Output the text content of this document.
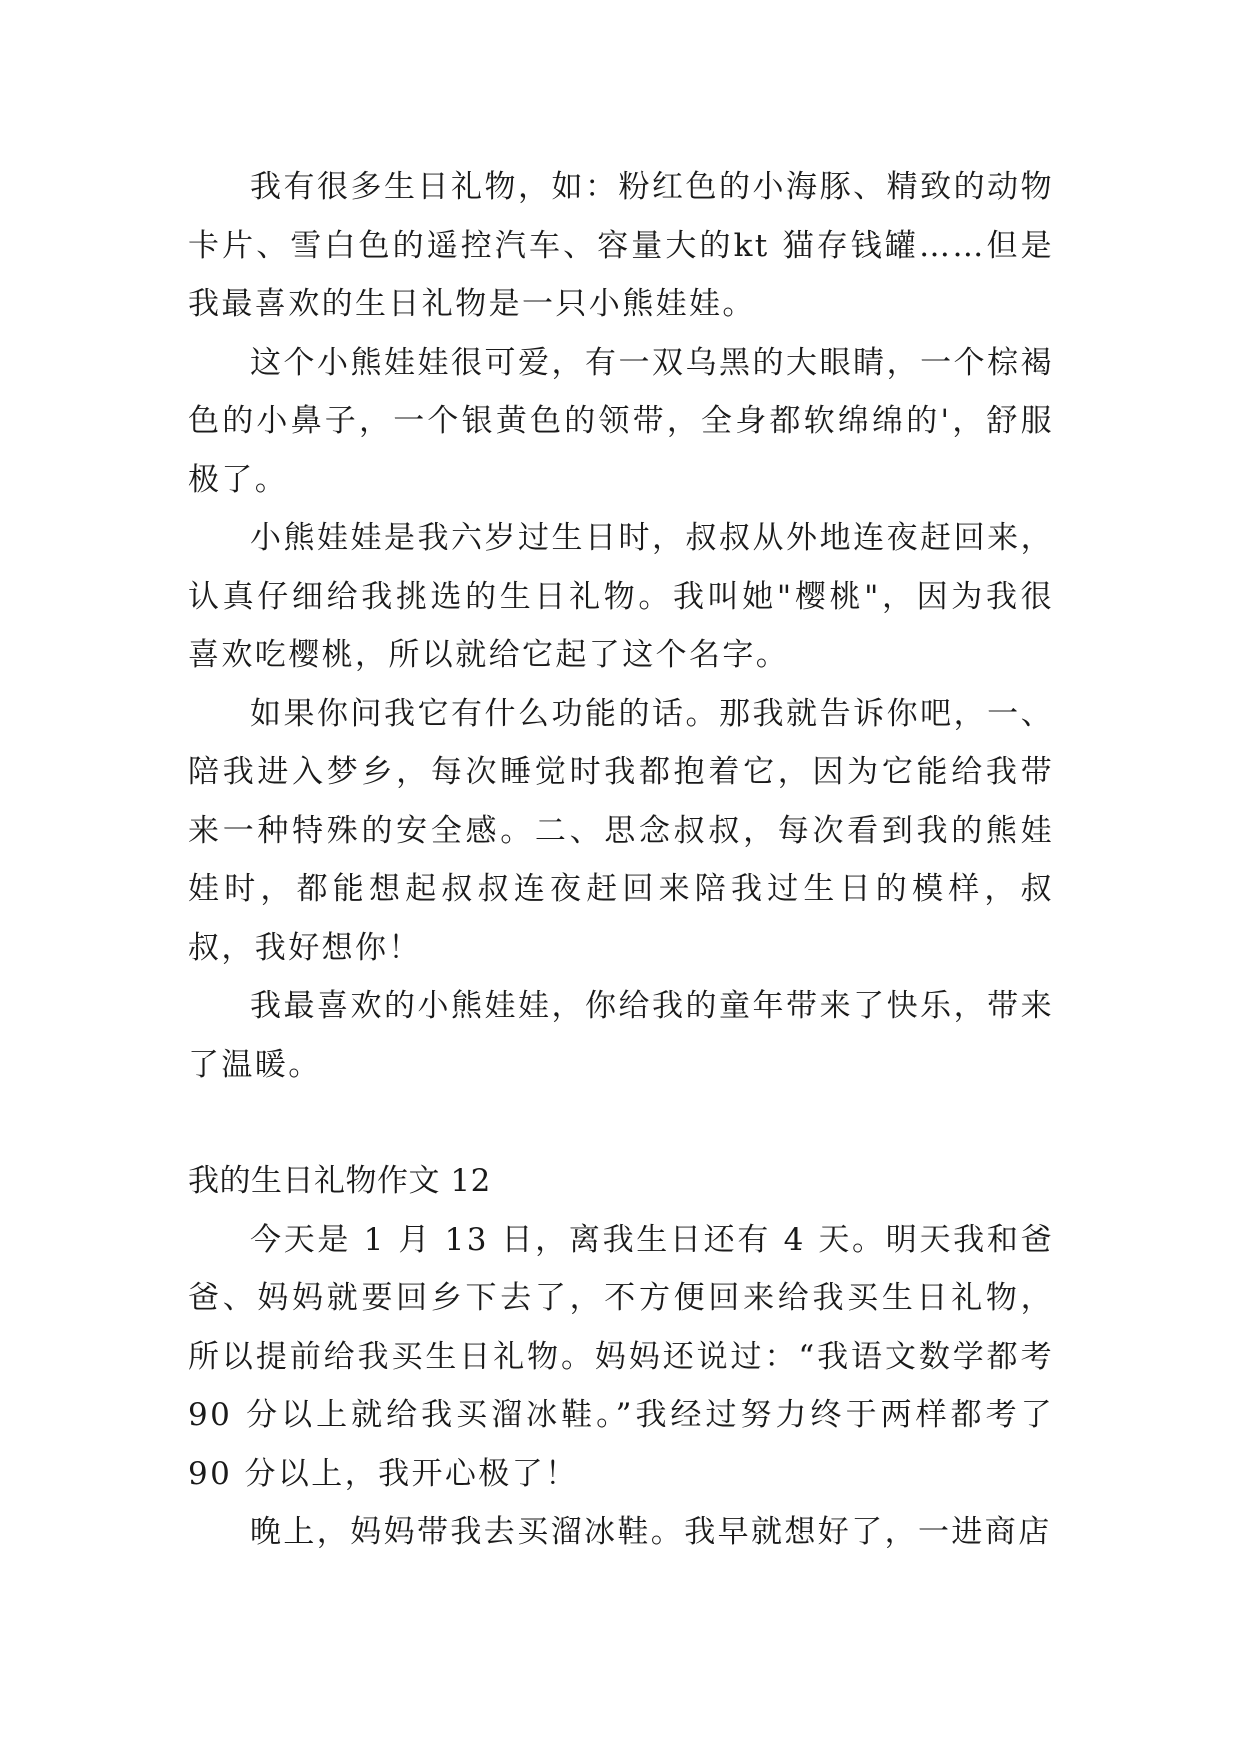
我有很多生日礼物，如：粉红色的小海豚、精致的动物卡片、雪白色的遥控汽车、容量大的kt 猫存钱罐……但是我最喜欢的生日礼物是一只小熊娃娃。

这个小熊娃娃很可爱，有一双乌黑的大眼睛，一个棕褐色的小鼻子，一个银黄色的领带，全身都软绵绵的'，舒服极了。

小熊娃娃是我六岁过生日时，叔叔从外地连夜赶回来，认真仔细给我挑选的生日礼物。我叫她"樱桃"，因为我很喜欢吃樱桃，所以就给它起了这个名字。

如果你问我它有什么功能的话。那我就告诉你吧，一、陪我进入梦乡，每次睡觉时我都抱着它，因为它能给我带来一种特殊的安全感。二、思念叔叔，每次看到我的熊娃娃时，都能想起叔叔连夜赶回来陪我过生日的模样，叔叔，我好想你！

我最喜欢的小熊娃娃，你给我的童年带来了快乐，带来了温暖。

我的生日礼物作文 12

今天是 1 月 13 日，离我生日还有 4 天。明天我和爸爸、妈妈就要回乡下去了，不方便回来给我买生日礼物，所以提前给我买生日礼物。妈妈还说过：“我语文数学都考 90 分以上就给我买溜冰鞋。”我经过努力终于两样都考了 90 分以上，我开心极了！

晚上，妈妈带我去买溜冰鞋。我早就想好了，一进商店
